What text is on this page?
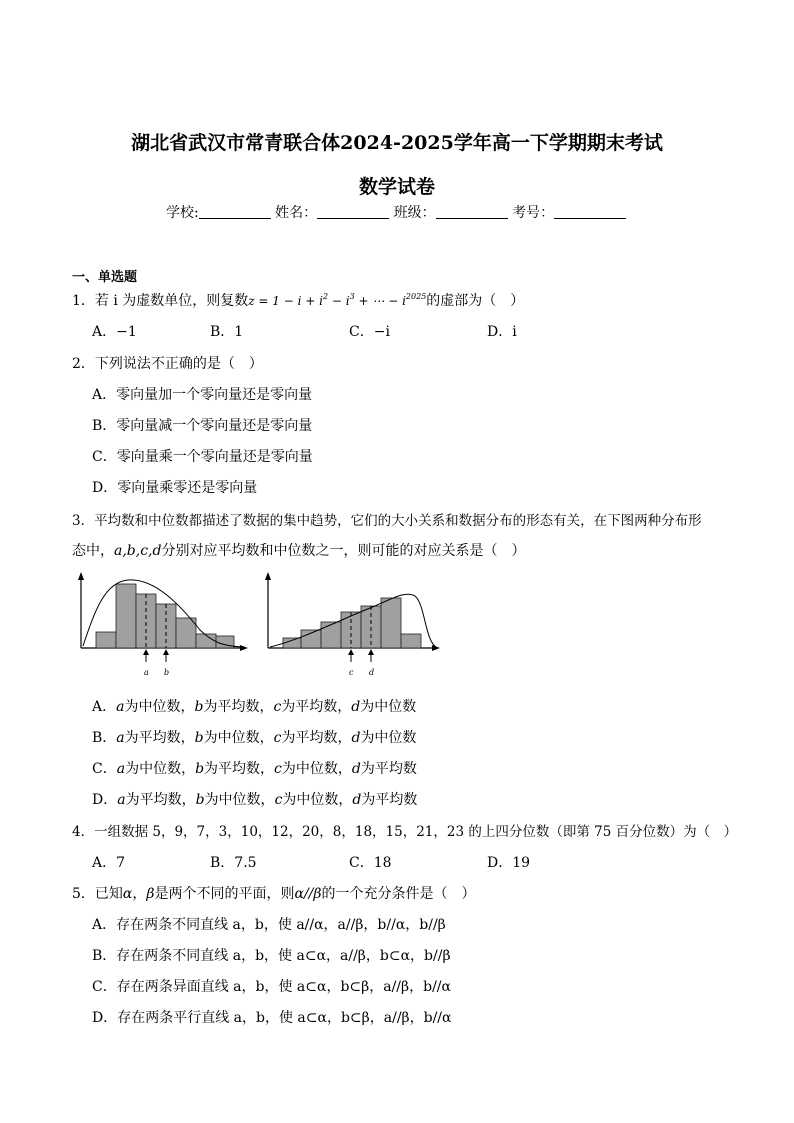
湖北省武汉市常青联合体2024-2025学年高一下学期期末考试
数学试卷
学校:	姓名：	班级：	考号：
一、单选题
1．若 i 为虚数单位，则复数$z = 1 - i + i^2 - i^3$ + ⋯ − $i^{2025}$的虚部为（　）
A．−1	B．1	C．−i	D．i
2．下列说法不正确的是（　）
A．零向量加一个零向量还是零向量
B．零向量减一个零向量还是零向量
C．零向量乘一个零向量还是零向量
D．零向量乘零还是零向量
3．平均数和中位数都描述了数据的集中趋势，它们的大小关系和数据分布的形态有关，在下图两种分布形
态中，a,b,c,d分别对应平均数和中位数之一，则可能的对应关系是（　）
a b	c d
A．a为中位数，b为平均数，c为平均数，d为中位数
B．a为平均数，b为中位数，c为平均数，d为中位数
C．a为中位数，b为平均数，c为中位数，d为平均数
D．a为平均数，b为中位数，c为中位数，d为平均数
4．一组数据 5，9，7，3，10，12，20，8，18，15，21，23 的上四分位数（即第 75 百分位数）为（　）
A．7	B．7.5	C．18	D．19
5．已知α，β是两个不同的平面，则α//β的一个充分条件是（　）
A．存在两条不同直线 a，b，使 a//α，a//β，b//α，b//β
B．存在两条不同直线 a，b，使 a⊂α，a//β，b⊂α，b//β
C．存在两条异面直线 a，b，使 a⊂α，b⊂β，a//β，b//α
D．存在两条平行直线 a，b，使 a⊂α，b⊂β，a//β，b//α
